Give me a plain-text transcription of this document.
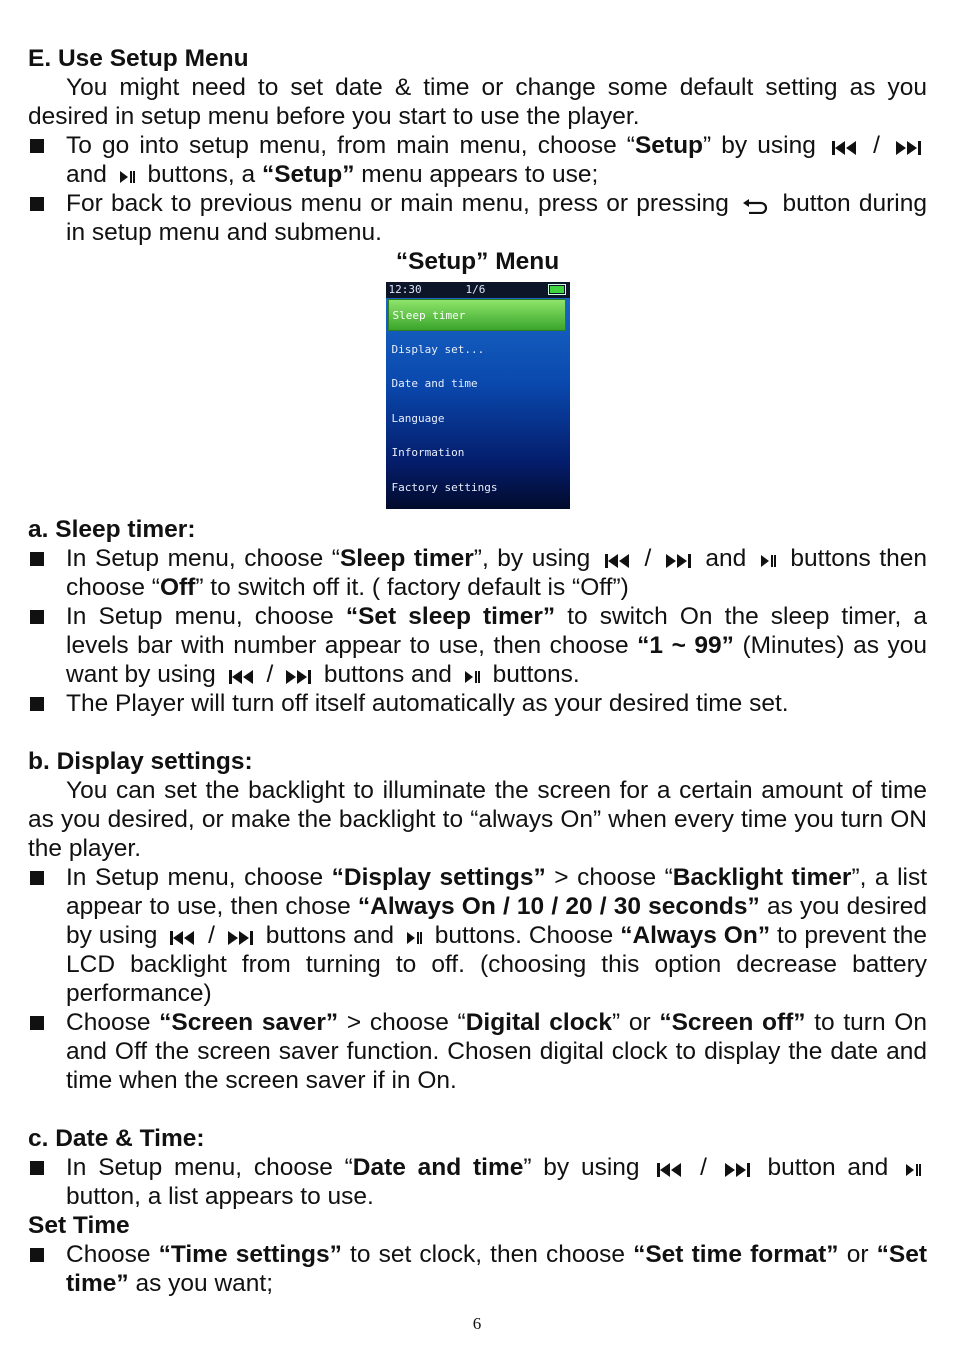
E. Use Setup Menu

You might need to set date & time or change some default setting as you desired in setup menu before you start to use the player.

To go into setup menu, from main menu, choose “Setup” by using /
and buttons, a “Setup” menu appears to use;

For back to previous menu or main menu, press or pressing button during in setup menu and submenu.

“Setup” Menu

12:30	1/6
Sleep timer
Display set...
Date and time
Language
Information
Factory settings

a. Sleep timer:

In Setup menu, choose “Sleep timer”, by using / and buttons then choose “Off” to switch off it. ( factory default is “Off”)

In Setup menu, choose “Set sleep timer” to switch On the sleep timer, a levels bar with number appear to use, then choose “1 ~ 99” (Minutes) as you want by using / buttons and buttons.

The Player will turn off itself automatically as your desired time set.

b. Display settings:

You can set the backlight to illuminate the screen for a certain amount of time as you desired, or make the backlight to “always On” when every time you turn ON the player.

In Setup menu, choose “Display settings” > choose “Backlight timer”, a list appear to use, then chose “Always On / 10 / 20 / 30 seconds” as you desired by using / buttons and buttons. Choose “Always On” to prevent the LCD backlight from turning to off. (choosing this option decrease battery performance)

Choose “Screen saver” > choose “Digital clock” or “Screen off” to turn On and Off the screen saver function. Chosen digital clock to display the date and time when the screen saver if in On.

c. Date & Time:

In Setup menu, choose “Date and time” by using / button and
button, a list appears to use.

Set Time

Choose “Time settings” to set clock, then choose “Set time format” or “Set time” as you want;

6
